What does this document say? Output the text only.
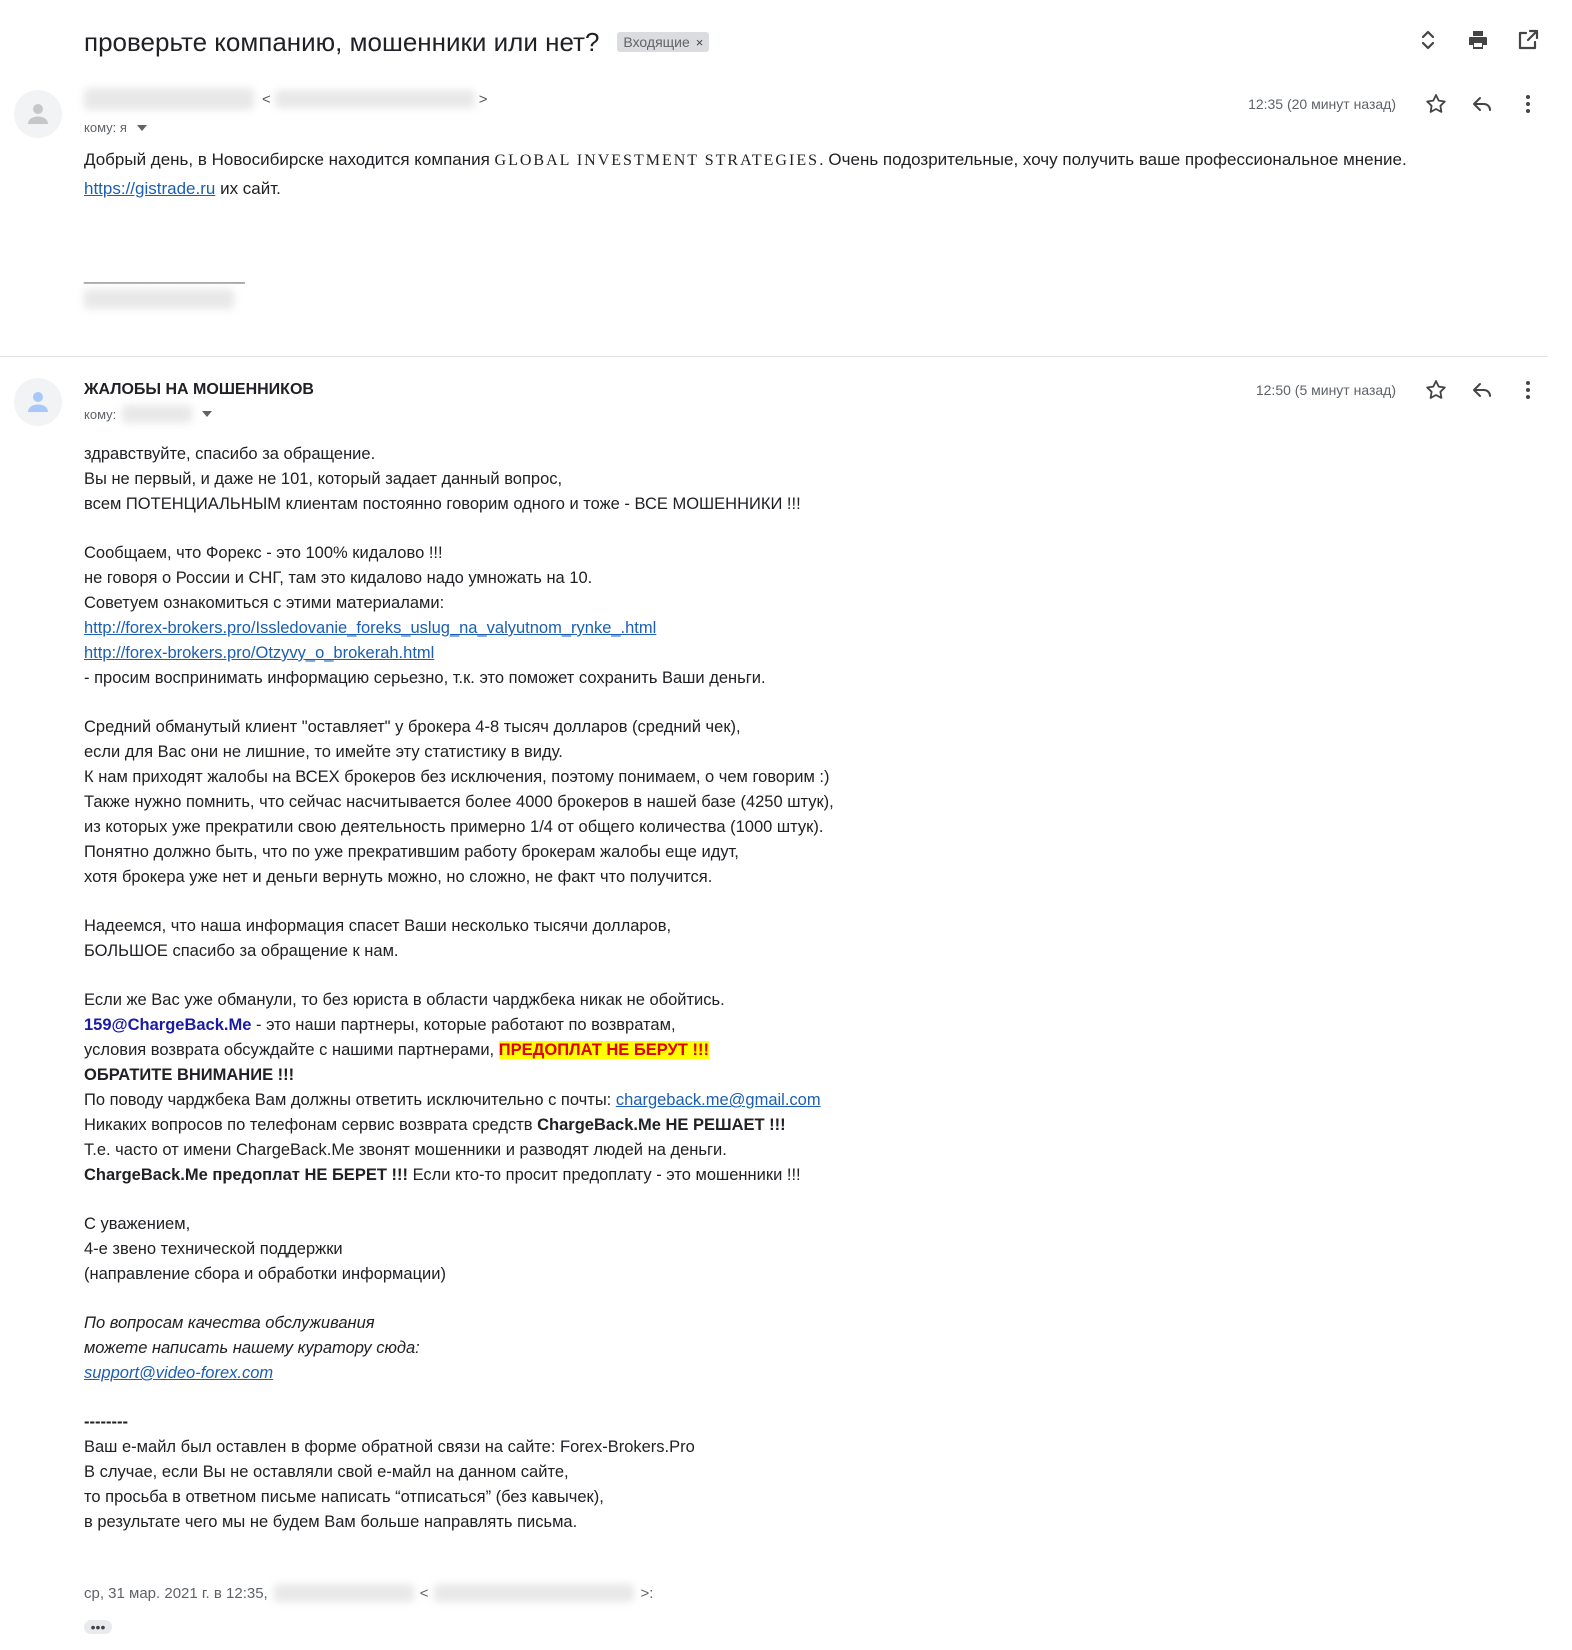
проверьте компанию, мошенники или нет? Входящие ×
<	>
кому: я
12:35 (20 минут назад)
Добрый день, в Новосибирске находится компания GLOBAL INVESTMENT STRATEGIES. Очень подозрительные, хочу получить ваше профессиональное мнение.
https://gistrade.ru их сайт.
_________________
ЖАЛОБЫ НА МОШЕННИКОВ
кому:
12:50 (5 минут назад)

здравствуйте, спасибо за обращение.

Вы не первый, и даже не 101, который задает данный вопрос,

всем ПОТЕНЦИАЛЬНЫМ клиентам постоянно говорим одного и тоже - ВСЕ МОШЕННИКИ !!!

Сообщаем, что Форекс - это 100% кидалово !!!

не говоря о России и СНГ, там это кидалово надо умножать на 10.

Советуем ознакомиться с этими материалами:

http://forex-brokers.pro/Issledovanie_foreks_uslug_na_valyutnom_rynke_.html

http://forex-brokers.pro/Otzyvy_o_brokerah.html

- просим воспринимать информацию серьезно, т.к. это поможет сохранить Ваши деньги.

Средний обманутый клиент "оставляет" у брокера 4-8 тысяч долларов (средний чек),

если для Вас они не лишние, то имейте эту статистику в виду.

К нам приходят жалобы на ВСЕХ брокеров без исключения, поэтому понимаем, о чем говорим :)

Также нужно помнить, что сейчас насчитывается более 4000 брокеров в нашей базе (4250 штук),

из которых уже прекратили свою деятельность примерно 1/4 от общего количества (1000 штук).

Понятно должно быть, что по уже прекратившим работу брокерам жалобы еще идут,

хотя брокера уже нет и деньги вернуть можно, но сложно, не факт что получится.

Надеемся, что наша информация спасет Ваши несколько тысячи долларов,

БОЛЬШОЕ спасибо за обращение к нам.

Если же Вас уже обманули, то без юриста в области чарджбека никак не обойтись.

159@ChargeBack.Me - это наши партнеры, которые работают по возвратам,

условия возврата обсуждайте с нашими партнерами, ПРЕДОПЛАТ НЕ БЕРУТ !!!

ОБРАТИТЕ ВНИМАНИЕ !!!

По поводу чарджбека Вам должны ответить исключительно с почты: chargeback.me@gmail.com

Никаких вопросов по телефонам сервис возврата средств ChargeBack.Me НЕ РЕШАЕТ !!!

Т.е. часто от имени ChargeBack.Me звонят мошенники и разводят людей на деньги.

ChargeBack.Me предоплат НЕ БЕРЕТ !!! Если кто-то просит предоплату - это мошенники !!!

С уважением,

4-е звено технической поддержки

(направление сбора и обработки информации)

По вопросам качества обслуживания

можете написать нашему куратору сюда:

support@video-forex.com

--------

Ваш е-майл был оставлен в форме обратной связи на сайте: Forex-Brokers.Pro

В случае, если Вы не оставляли свой е-майл на данном сайте,

то просьба в ответном письме написать “отписаться” (без кавычек),

в результате чего мы не будем Вам больше направлять письма.

ср, 31 мар. 2021 г. в 12:35,	<	>:
•••
